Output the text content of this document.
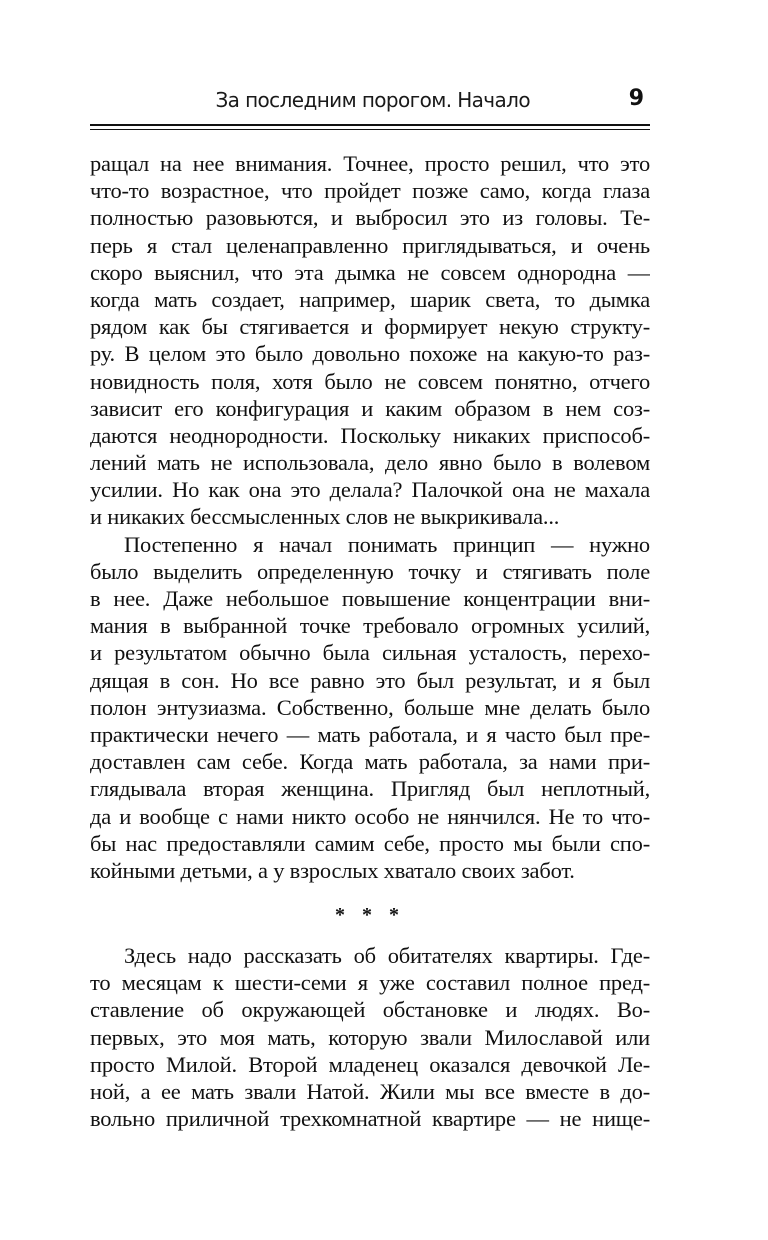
За последним порогом. Начало	9
ращал на нее внимания. Точнее, просто решил, что это
что-то возрастное, что пройдет позже само, когда глаза
полностью разовьются, и выбросил это из головы. Те-
перь я стал целенаправленно приглядываться, и очень
скоро выяснил, что эта дымка не совсем однородна —
когда мать создает, например, шарик света, то дымка
рядом как бы стягивается и формирует некую структу-
ру. В целом это было довольно похоже на какую-то раз-
новидность поля, хотя было не совсем понятно, отчего
зависит его конфигурация и каким образом в нем соз-
даются неоднородности. Поскольку никаких приспособ-
лений мать не использовала, дело явно было в волевом
усилии. Но как она это делала? Палочкой она не махала
и никаких бессмысленных слов не выкрикивала...
Постепенно я начал понимать принцип — нужно
было выделить определенную точку и стягивать поле
в нее. Даже небольшое повышение концентрации вни-
мания в выбранной точке требовало огромных усилий,
и результатом обычно была сильная усталость, перехо-
дящая в сон. Но все равно это был результат, и я был
полон энтузиазма. Собственно, больше мне делать было
практически нечего — мать работала, и я часто был пре-
доставлен сам себе. Когда мать работала, за нами при-
глядывала вторая женщина. Пригляд был неплотный,
да и вообще с нами никто особо не нянчился. Не то что-
бы нас предоставляли самим себе, просто мы были спо-
койными детьми, а у взрослых хватало своих забот.
* * *
Здесь надо рассказать об обитателях квартиры. Где-
то месяцам к шести-семи я уже составил полное пред-
ставление об окружающей обстановке и людях. Во-
первых, это моя мать, которую звали Милославой или
просто Милой. Второй младенец оказался девочкой Ле-
ной, а ее мать звали Натой. Жили мы все вместе в до-
вольно приличной трехкомнатной квартире — не нище-
